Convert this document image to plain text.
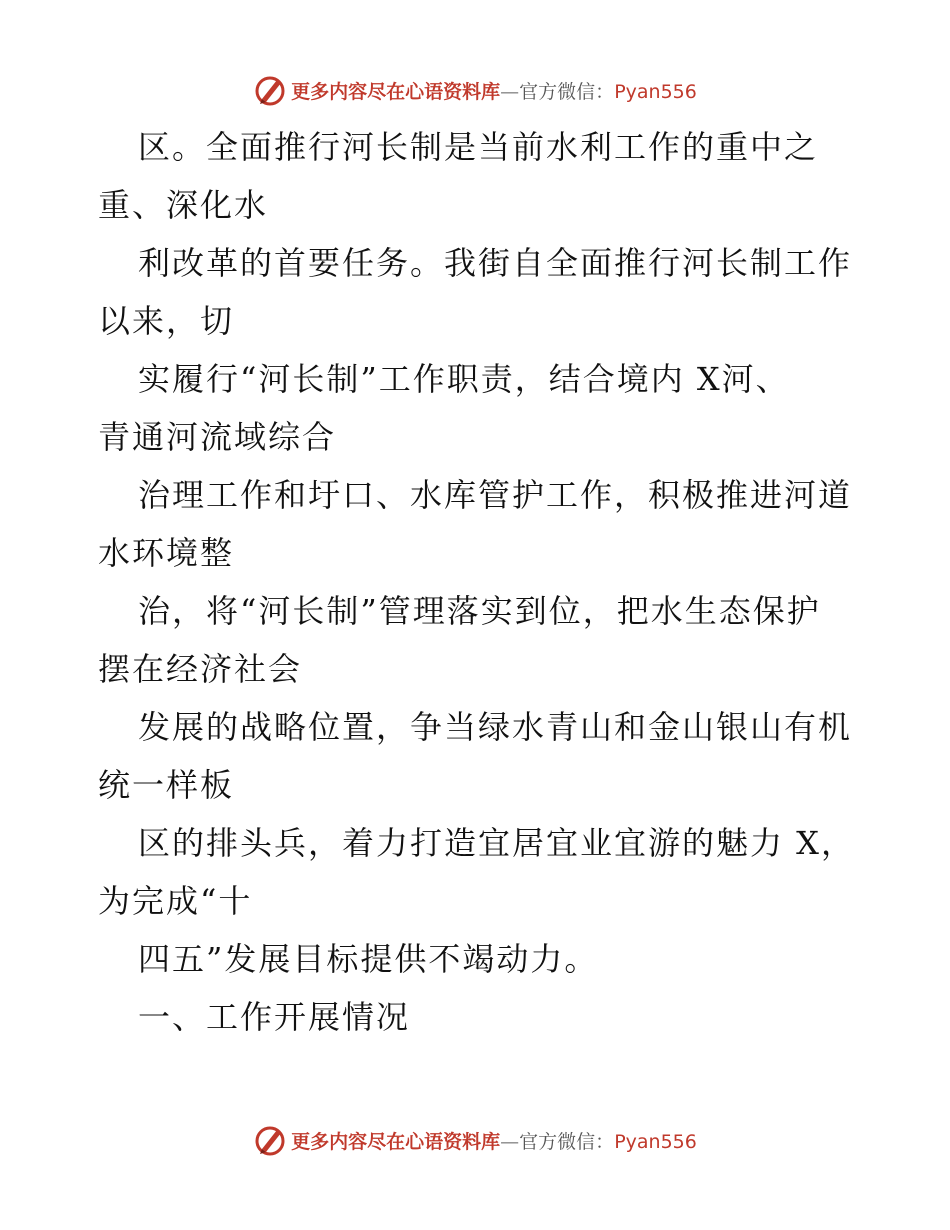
更多内容尽在心语资料库—官方微信：Pyan556
区。全面推行河长制是当前水利工作的重中之
重、深化水
利改革的首要任务。我街自全面推行河长制工作
以来，切
实履行“河长制”工作职责，结合境内 X河、
青通河流域综合
治理工作和圩口、水库管护工作，积极推进河道
水环境整
治，将“河长制”管理落实到位，把水生态保护
摆在经济社会
发展的战略位置，争当绿水青山和金山银山有机
统一样板
区的排头兵，着力打造宜居宜业宜游的魅力 X，
为完成“十
四五”发展目标提供不竭动力。
一、工作开展情况
更多内容尽在心语资料库—官方微信：Pyan556
